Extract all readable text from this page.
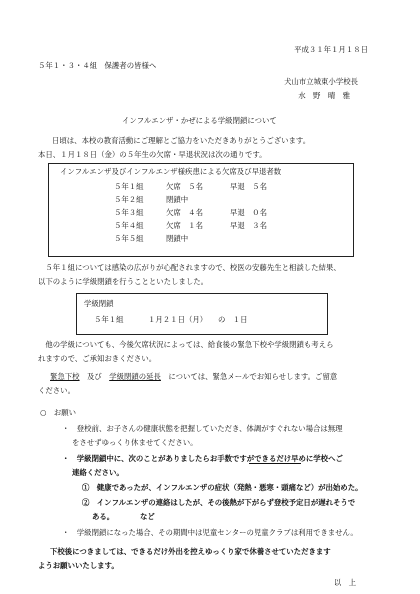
平成３１年１月１８日
５年１・３・４組　保護者の皆様へ
犬山市立城東小学校長
水　野　晴　雅
インフルエンザ・かぜによる学級閉鎖について
日頃は、本校の教育活動にご理解とご協力をいただきありがとうございます。
本日、１月１８日（金）の５年生の欠席・早退状況は次の通りです。
インフルエンザ及びインフルエンザ様疾患による欠席及び早退者数
５年１組	欠席　５名	早退　５名
５年２組	閉鎖中
５年３組	欠席　４名	早退　０名
５年４組	欠席　１名	早退　３名
５年５組	閉鎖中
　５年１組については感染の広がりが心配されますので、校医の安藤先生と相談した結果、
以下のように学級閉鎖を行うことといたしました。
学級閉鎖
５年１組	１月２１日（月） の　１日
　他の学級についても、今後欠席状況によっては、給食後の緊急下校や学級閉鎖も考えら
れますので、ご承知おきください。
緊急下校　 及び　 学級閉鎖の延長　 については、緊急メールでお知らせします。ご留意
ください。
○　お願い
・　登校前、お子さんの健康状態を把握していただき、体調がすぐれない場合は無理
をさせずゆっくり休ませてください。
・　学級閉鎖中に、次のことがありましたらお手数ですができるだけ早めに学校へご
連絡ください。
①　健康であったが、インフルエンザの症状（発熱・悪寒・頭痛など）が出始めた。
②　インフルエンザの連絡はしたが、その後熱が下がらず登校予定日が遅れそうで
ある。　　　　など
・　学級閉鎖になった場合、その期間中は児童センターの児童クラブは利用できません。
下校後につきましては、できるだけ外出を控えゆっくり家で休養させていただきます
ようお願いいたします。
以　上
